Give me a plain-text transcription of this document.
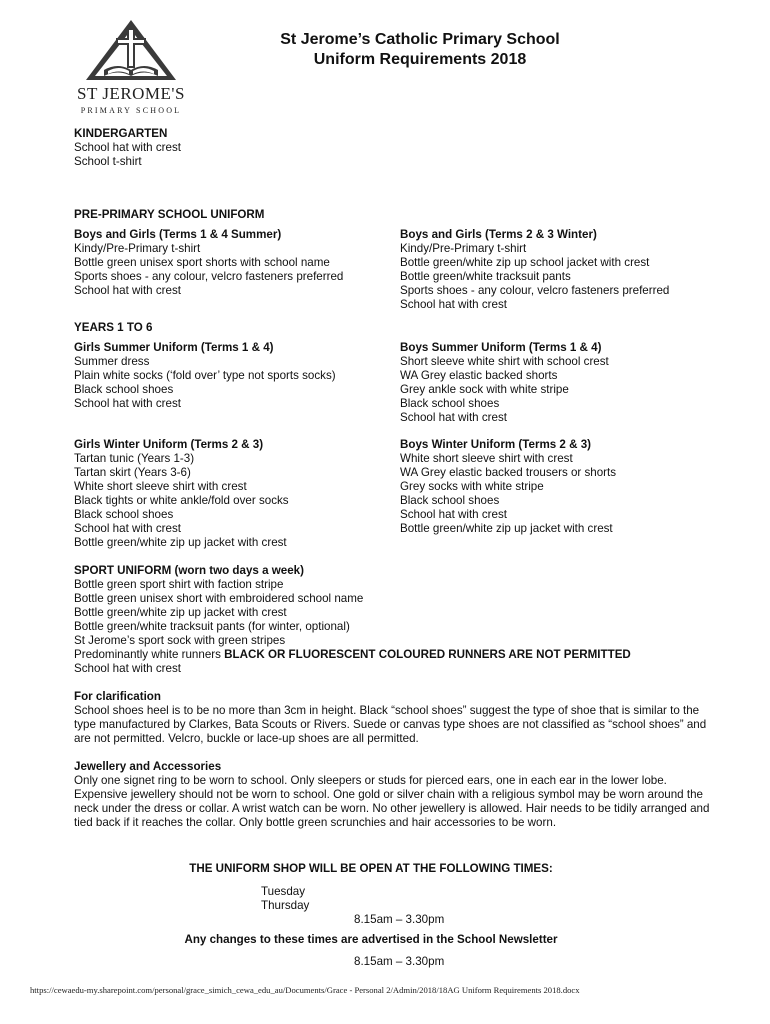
ST JEROME'S
PRIMARY SCHOOL
St Jerome’s Catholic Primary School
Uniform Requirements 2018
KINDERGARTEN
School hat with crest
School t-shirt
PRE-PRIMARY SCHOOL UNIFORM
Boys and Girls (Terms 1 & 4 Summer)
Kindy/Pre-Primary t-shirt
Bottle green unisex sport shorts with school name
Sports shoes - any colour, velcro fasteners preferred
School hat with crest
Boys and Girls (Terms 2 & 3 Winter)
Kindy/Pre-Primary t-shirt
Bottle green/white zip up school jacket with crest
Bottle green/white tracksuit pants
Sports shoes - any colour, velcro fasteners preferred
School hat with crest
YEARS 1 TO 6
Girls Summer Uniform (Terms 1 & 4)
Summer dress
Plain white socks (‘fold over’ type not sports socks)
Black school shoes
School hat with crest
Boys Summer Uniform (Terms 1 & 4)
Short sleeve white shirt with school crest
WA Grey elastic backed shorts
Grey ankle sock with white stripe
Black school shoes
School hat with crest
Girls Winter Uniform (Terms 2 & 3)
Tartan tunic (Years 1-3)
Tartan skirt (Years 3-6)
White short sleeve shirt with crest
Black tights or white ankle/fold over socks
Black school shoes
School hat with crest
Bottle green/white zip up jacket with crest
Boys Winter Uniform (Terms 2 & 3)
White short sleeve shirt with crest
WA Grey elastic backed trousers or shorts
Grey socks with white stripe
Black school shoes
School hat with crest
Bottle green/white zip up jacket with crest
SPORT UNIFORM (worn two days a week)
Bottle green sport shirt with faction stripe
Bottle green unisex short with embroidered school name
Bottle green/white zip up jacket with crest
Bottle green/white tracksuit pants (for winter, optional)
St Jerome’s sport sock with green stripes
Predominantly white runners BLACK OR FLUORESCENT COLOURED RUNNERS ARE NOT PERMITTED
School hat with crest
For clarification
School shoes heel is to be no more than 3cm in height. Black “school shoes” suggest the type of shoe that is similar to the type manufactured by Clarkes, Bata Scouts or Rivers. Suede or canvas type shoes are not classified as “school shoes” and are not permitted. Velcro, buckle or lace-up shoes are all permitted.
Jewellery and Accessories
Only one signet ring to be worn to school. Only sleepers or studs for pierced ears, one in each ear in the lower lobe. Expensive jewellery should not be worn to school. One gold or silver chain with a religious symbol may be worn around the neck under the dress or collar. A wrist watch can be worn. No other jewellery is allowed. Hair needs to be tidily arranged and tied back if it reaches the collar. Only bottle green scrunchies and hair accessories to be worn.
THE UNIFORM SHOP WILL BE OPEN AT THE FOLLOWING TIMES:
Tuesday
Thursday

8.15am – 3.30pm

8.15am – 3.30pm

Any changes to these times are advertised in the School Newsletter
https://cewaedu-my.sharepoint.com/personal/grace_simich_cewa_edu_au/Documents/Grace - Personal 2/Admin/2018/18AG Uniform Requirements 2018.docx
